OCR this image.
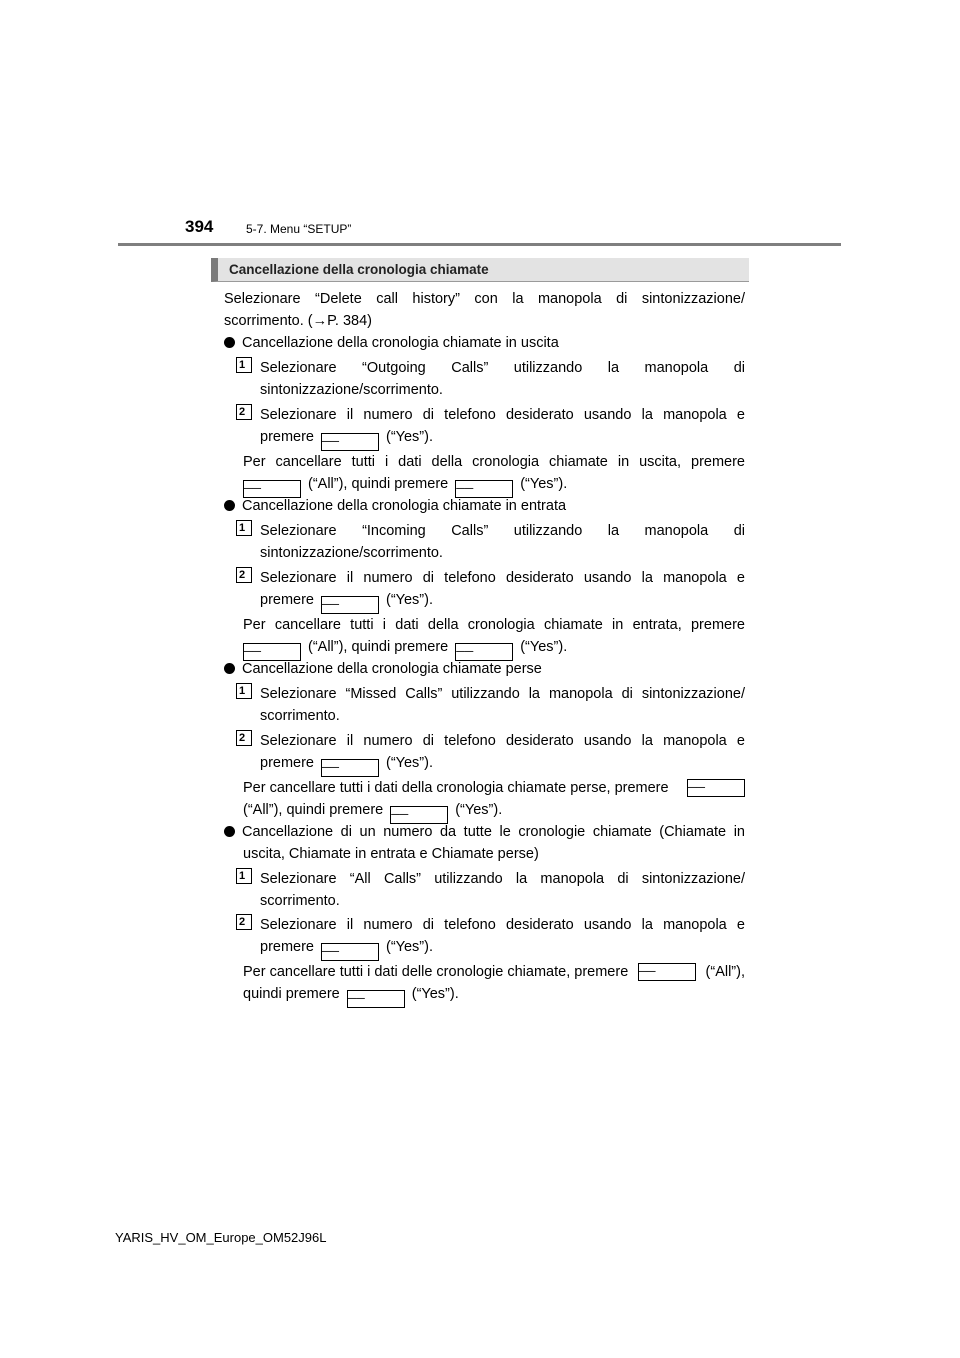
394	5-7. Menu “SETUP”
Cancellazione della cronologia chiamate
Selezionare “Delete call history” con la manopola di sintonizzazione/
scorrimento. (→P. 384)
Cancellazione della cronologia chiamate in uscita
1	Selezionare “Outgoing Calls” utilizzando la manopola di
sintonizzazione/scorrimento.
2	Selezionare il numero di telefono desiderato usando la manopola e
premere ──	(“Yes”).
Per cancellare tutti i dati della cronologia chiamate in uscita, premere
──	(“All”), quindi premere ──	(“Yes”).
Cancellazione della cronologia chiamate in entrata
1	Selezionare “Incoming Calls” utilizzando la manopola di
sintonizzazione/scorrimento.
2	Selezionare il numero di telefono desiderato usando la manopola e
premere ──	(“Yes”).
Per cancellare tutti i dati della cronologia chiamate in entrata, premere
──	(“All”), quindi premere ──	(“Yes”).
Cancellazione della cronologia chiamate perse
1	Selezionare “Missed Calls” utilizzando la manopola di sintonizzazione/
scorrimento.
2	Selezionare il numero di telefono desiderato usando la manopola e
premere ──	(“Yes”).
Per cancellare tutti i dati della cronologia chiamate perse, premere ──
(“All”), quindi premere ──	(“Yes”).
Cancellazione di un numero da tutte le cronologie chiamate (Chiamate in
uscita, Chiamate in entrata e Chiamate perse)
1	Selezionare “All Calls” utilizzando la manopola di sintonizzazione/
scorrimento.
2	Selezionare il numero di telefono desiderato usando la manopola e
premere ──	(“Yes”).
Per cancellare tutti i dati delle cronologie chiamate, premere	(“All”),
──
quindi premere ──	(“Yes”).
YARIS_HV_OM_Europe_OM52J96L
